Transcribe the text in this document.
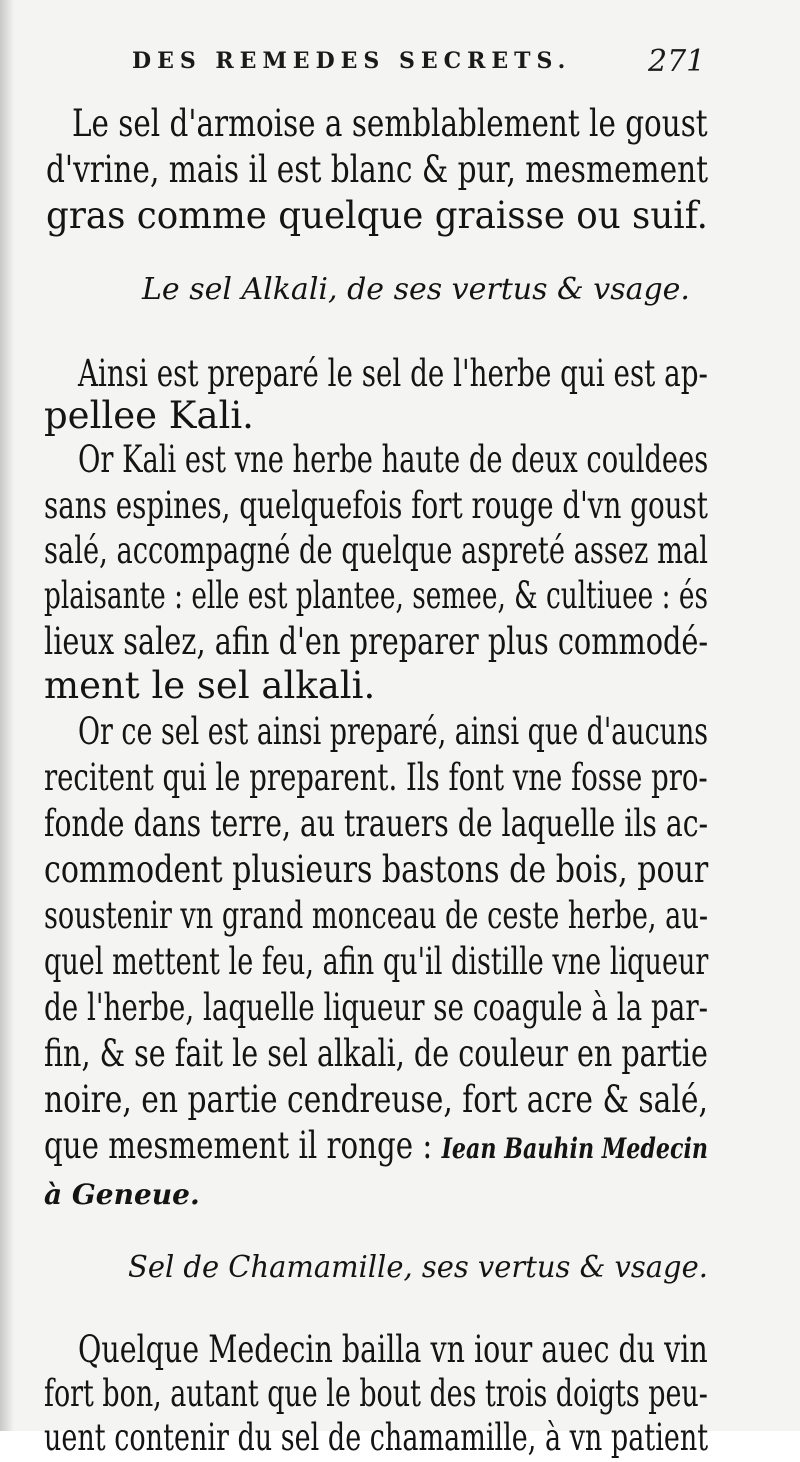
DES REMEDES SECRETS.	271
Le sel d'armoise a semblablement le goust
d'vrine, mais il est blanc & pur, mesmement
gras comme quelque graisse ou suif.
Le sel Alkali, de ses vertus & vsage.
Ainsi est preparé le sel de l'herbe qui est ap-
pellee Kali.
Or Kali est vne herbe haute de deux couldees
sans espines, quelquefois fort rouge d'vn goust
salé, accompagné de quelque aspreté assez mal
plaisante : elle est plantee, semee, & cultiuee : és
lieux salez, afin d'en preparer plus commodé-
ment le sel alkali.
Or ce sel est ainsi preparé, ainsi que d'aucuns
recitent qui le preparent. Ils font vne fosse pro-
fonde dans terre, au trauers de laquelle ils ac-
commodent plusieurs bastons de bois, pour
soustenir vn grand monceau de ceste herbe, au-
quel mettent le feu, afin qu'il distille vne liqueur
de l'herbe, laquelle liqueur se coagule à la par-
fin, & se fait le sel alkali, de couleur en partie
noire, en partie cendreuse, fort acre & salé,
que mesmement il ronge : Iean Bauhin Medecin
à Geneue.
Sel de Chamamille, ses vertus & vsage.
Quelque Medecin bailla vn iour auec du vin
fort bon, autant que le bout des trois doigts peu-
uent contenir du sel de chamamille, à vn patient
